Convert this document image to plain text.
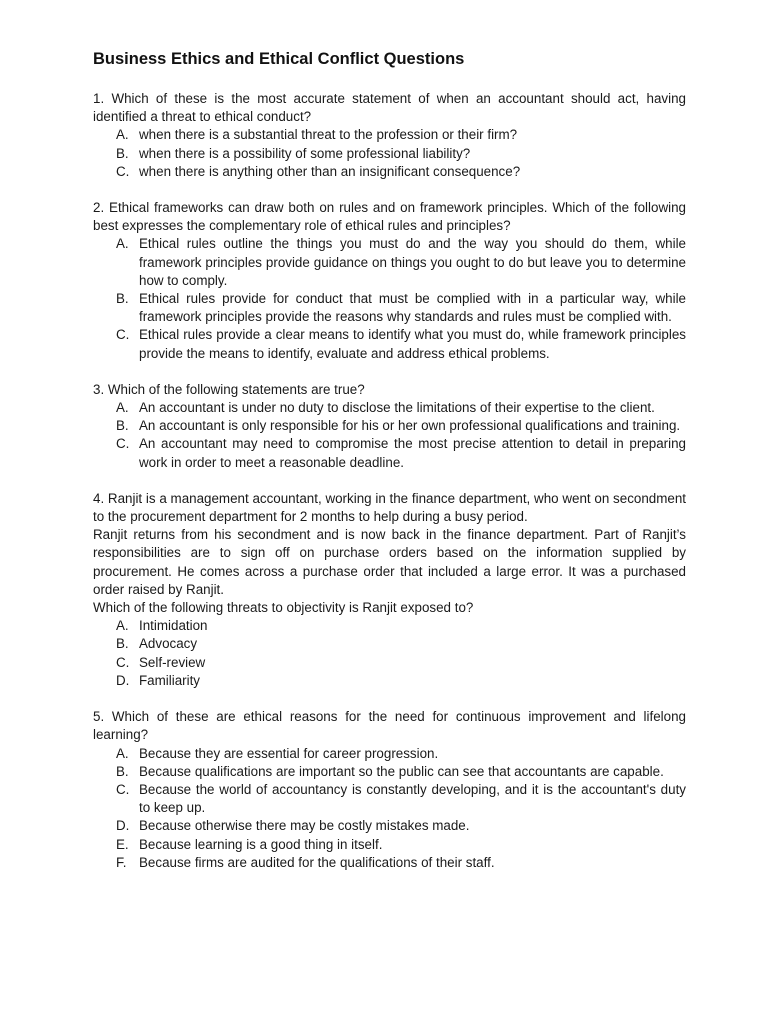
Business Ethics and Ethical Conflict Questions

1. Which of these is the most accurate statement of when an accountant should act, having identified a threat to ethical conduct?

A. when there is a substantial threat to the profession or their firm?
B. when there is a possibility of some professional liability?
C. when there is anything other than an insignificant consequence?

2. Ethical frameworks can draw both on rules and on framework principles. Which of the following best expresses the complementary role of ethical rules and principles?

A. Ethical rules outline the things you must do and the way you should do them, while framework principles provide guidance on things you ought to do but leave you to determine how to comply.
B. Ethical rules provide for conduct that must be complied with in a particular way, while framework principles provide the reasons why standards and rules must be complied with.
C. Ethical rules provide a clear means to identify what you must do, while framework principles provide the means to identify, evaluate and address ethical problems.

3. Which of the following statements are true?

A. An accountant is under no duty to disclose the limitations of their expertise to the client.
B. An accountant is only responsible for his or her own professional qualifications and training.
C. An accountant may need to compromise the most precise attention to detail in preparing work in order to meet a reasonable deadline.

4. Ranjit is a management accountant, working in the finance department, who went on secondment to the procurement department for 2 months to help during a busy period.

Ranjit returns from his secondment and is now back in the finance department. Part of Ranjit’s responsibilities are to sign off on purchase orders based on the information supplied by procurement. He comes across a purchase order that included a large error. It was a purchased order raised by Ranjit.

Which of the following threats to objectivity is Ranjit exposed to?

A. Intimidation
B. Advocacy
C. Self-review
D. Familiarity

5. Which of these are ethical reasons for the need for continuous improvement and lifelong learning?

A. Because they are essential for career progression.
B. Because qualifications are important so the public can see that accountants are capable.
C. Because the world of accountancy is constantly developing, and it is the accountant's duty to keep up.
D. Because otherwise there may be costly mistakes made.
E. Because learning is a good thing in itself.
F. Because firms are audited for the qualifications of their staff.
